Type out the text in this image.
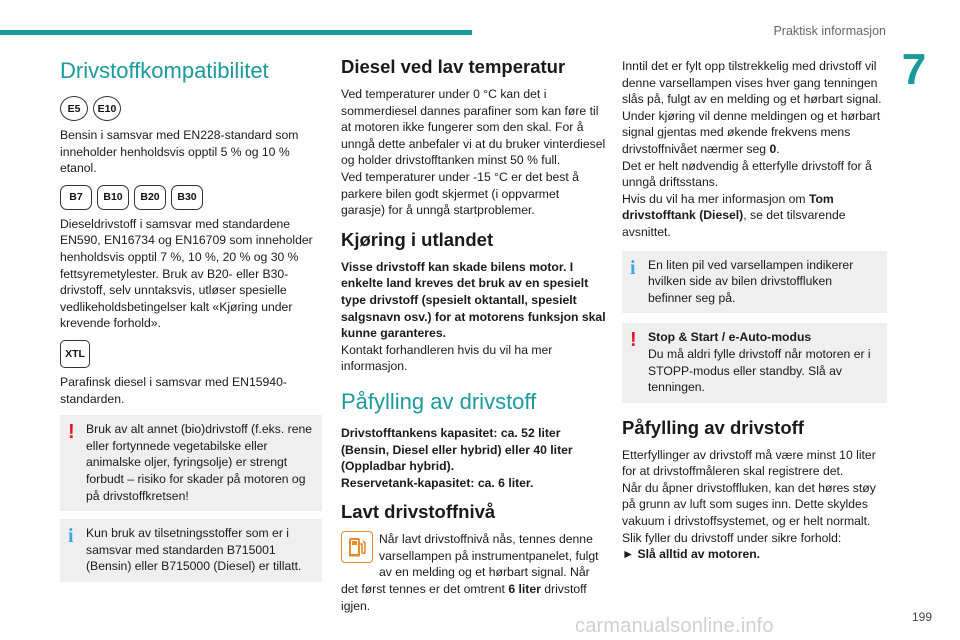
Praktisk informasjon
7
Drivstoffkompatibilitet
E5	E10

Bensin i samsvar med EN228-standard som inneholder henholdsvis opptil 5 % og 10 % etanol.

B7	B10	B20	B30

Dieseldrivstoff i samsvar med standardene EN590, EN16734 og EN16709 som inneholder henholdsvis opptil 7 %, 10 %, 20 % og 30 % fettsyremetylester. Bruk av B20- eller B30-drivstoff, selv unntaksvis, utløser spesielle vedlikeholdsbetingelser kalt «Kjøring under krevende forhold».

XTL

Parafinsk diesel i samsvar med EN15940-standarden.

! Bruk av alt annet (bio)drivstoff (f.eks. rene eller fortynnede vegetabilske eller animalske oljer, fyringsolje) er strengt forbudt – risiko for skader på motoren og på drivstoffkretsen!

i Kun bruk av tilsetningsstoffer som er i samsvar med standarden B715001 (Bensin) eller B715000 (Diesel) er tillatt.

Diesel ved lav temperatur

Ved temperaturer under 0 °C kan det i sommerdiesel dannes parafiner som kan føre til at motoren ikke fungerer som den skal. For å unngå dette anbefaler vi at du bruker vinterdiesel og holder drivstofftanken minst 50 % full.

Ved temperaturer under -15 °C er det best å parkere bilen godt skjermet (i oppvarmet garasje) for å unngå startproblemer.

Kjøring i utlandet

Visse drivstoff kan skade bilens motor. I enkelte land kreves det bruk av en spesielt type drivstoff (spesielt oktantall, spesielt salgsnavn osv.) for at motorens funksjon skal kunne garanteres.

Kontakt forhandleren hvis du vil ha mer informasjon.

Påfylling av drivstoff

Drivstofftankens kapasitet: ca. 52 liter (Bensin, Diesel eller hybrid) eller 40 liter (Oppladbar hybrid).

Reservetank-kapasitet: ca. 6 liter.

Lavt drivstoffnivå

Når lavt drivstoffnivå nås, tennes denne varsellampen på instrumentpanelet, fulgt av en melding og et hørbart signal. Når det først tennes er det omtrent 6 liter drivstoff igjen.

Inntil det er fylt opp tilstrekkelig med drivstoff vil denne varsellampen vises hver gang tenningen slås på, fulgt av en melding og et hørbart signal. Under kjøring vil denne meldingen og et hørbart signal gjentas med økende frekvens mens drivstoffnivået nærmer seg 0.

Det er helt nødvendig å etterfylle drivstoff for å unngå driftsstans.

Hvis du vil ha mer informasjon om Tom drivstofftank (Diesel), se det tilsvarende avsnittet.

i En liten pil ved varsellampen indikerer hvilken side av bilen drivstoffluken befinner seg på.

! Stop & Start / e-Auto-modus

Du må aldri fylle drivstoff når motoren er i STOPP-modus eller standby. Slå av tenningen.

Påfylling av drivstoff

Etterfyllinger av drivstoff må være minst 10 liter for at drivstoffmåleren skal registrere det.

Når du åpner drivstoffluken, kan det høres støy på grunn av luft som suges inn. Dette skyldes vakuum i drivstoffsystemet, og er helt normalt.

Slik fyller du drivstoff under sikre forhold:

► Slå alltid av motoren.

carmanualsonline.info	199
